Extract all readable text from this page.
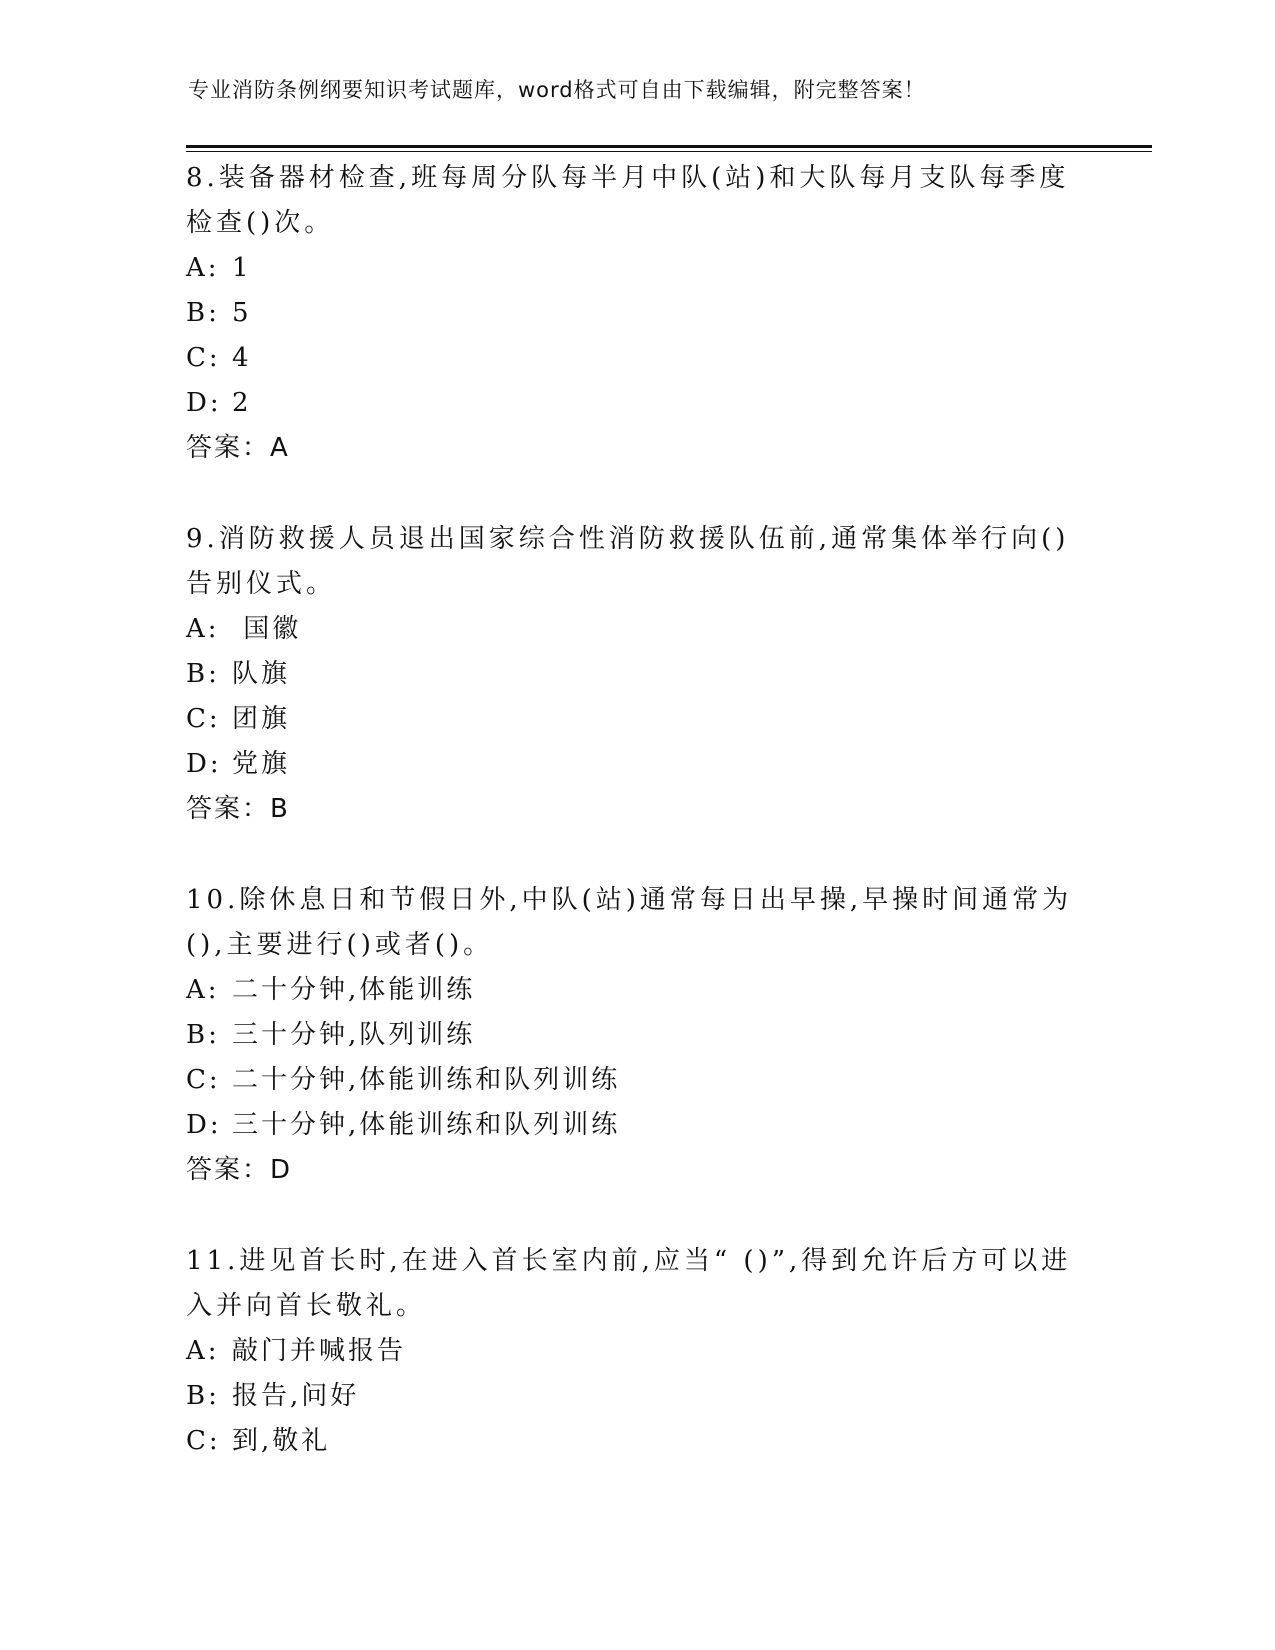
专业消防条例纲要知识考试题库，word格式可自由下载编辑，附完整答案！

8.装备器材检查,班每周分队每半月中队(站)和大队每月支队每季度检查()次。

A: 1

B: 5

C: 4

D: 2

答案：A

9.消防救援人员退出国家综合性消防救援队伍前,通常集体举行向()告别仪式。

A: 国徽

B: 队旗

C: 团旗

D: 党旗

答案：B

10.除休息日和节假日外,中队(站)通常每日出早操,早操时间通常为(),主要进行()或者()。

A: 二十分钟,体能训练

B: 三十分钟,队列训练

C: 二十分钟,体能训练和队列训练

D: 三十分钟,体能训练和队列训练

答案：D

11.进见首长时,在进入首长室内前,应当“ ()”,得到允许后方可以进入并向首长敬礼。

A: 敲门并喊报告

B: 报告,问好

C: 到,敬礼
